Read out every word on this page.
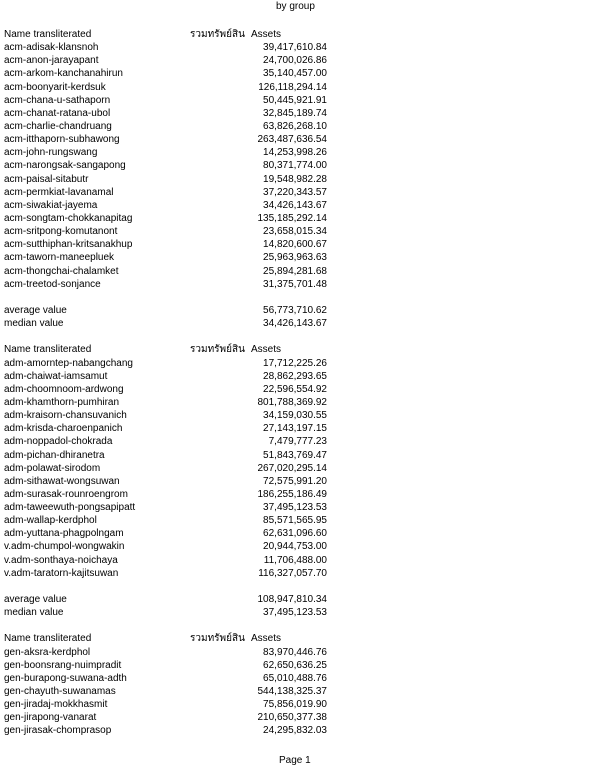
by group
Name transliterated	รวมทรัพย์สิน Assets
acm-adisak-klansnoh	39,417,610.84
acm-anon-jarayapant	24,700,026.86
acm-arkom-kanchanahirun	35,140,457.00
acm-boonyarit-kerdsuk	126,118,294.14
acm-chana-u-sathaporn	50,445,921.91
acm-chanat-ratana-ubol	32,845,189.74
acm-charlie-chandruang	63,826,268.10
acm-itthaporn-subhawong	263,487,636.54
acm-john-rungswang	14,253,998.26
acm-narongsak-sangapong	80,371,774.00
acm-paisal-sitabutr	19,548,982.28
acm-permkiat-lavanamal	37,220,343.57
acm-siwakiat-jayema	34,426,143.67
acm-songtam-chokkanapitag	135,185,292.14
acm-sritpong-komutanont	23,658,015.34
acm-sutthiphan-kritsanakhup	14,820,600.67
acm-taworn-maneepluek	25,963,963.63
acm-thongchai-chalamket	25,894,281.68
acm-treetod-sonjance	31,375,701.48
average value	56,773,710.62
median value	34,426,143.67
Name transliterated	รวมทรัพย์สิน Assets
adm-amorntep-nabangchang	17,712,225.26
adm-chaiwat-iamsamut	28,862,293.65
adm-choomnoom-ardwong	22,596,554.92
adm-khamthorn-pumhiran	801,788,369.92
adm-kraisorn-chansuvanich	34,159,030.55
adm-krisda-charoenpanich	27,143,197.15
adm-noppadol-chokrada	7,479,777.23
adm-pichan-dhiranetra	51,843,769.47
adm-polawat-sirodom	267,020,295.14
adm-sithawat-wongsuwan	72,575,991.20
adm-surasak-rounroengrom	186,255,186.49
adm-taweewuth-pongsapipatt	37,495,123.53
adm-wallap-kerdphol	85,571,565.95
adm-yuttana-phagpolngam	62,631,096.60
v.adm-chumpol-wongwakin	20,944,753.00
v.adm-sonthaya-noichaya	11,706,488.00
v.adm-taratorn-kajitsuwan	116,327,057.70
average value	108,947,810.34
median value	37,495,123.53
Name transliterated	รวมทรัพย์สิน Assets
gen-aksra-kerdphol	83,970,446.76
gen-boonsrang-nuimpradit	62,650,636.25
gen-burapong-suwana-adth	65,010,488.76
gen-chayuth-suwanamas	544,138,325.37
gen-jiradaj-mokkhasmit	75,856,019.90
gen-jirapong-vanarat	210,650,377.38
gen-jirasak-chomprasop	24,295,832.03
Page 1
